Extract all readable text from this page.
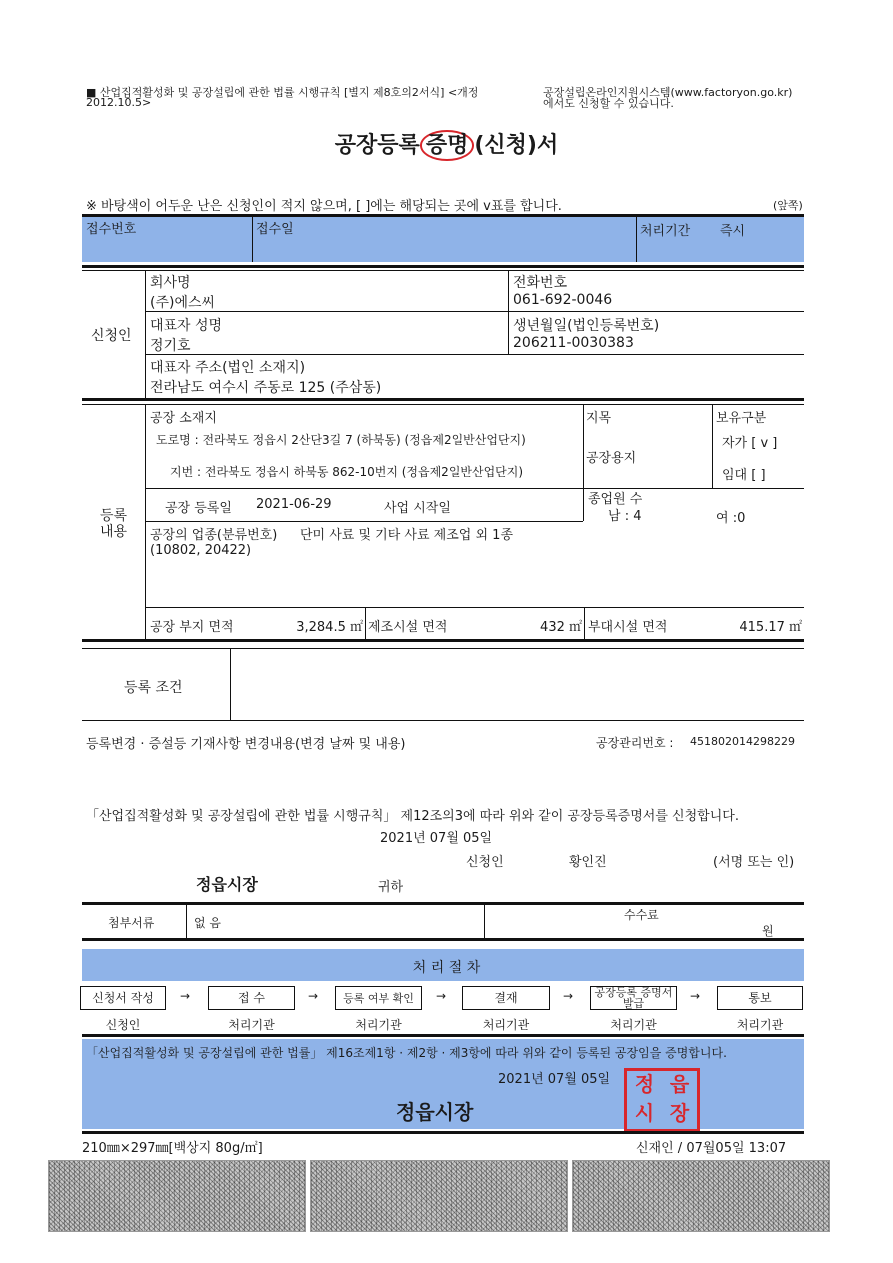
■ 산업집적활성화 및 공장설립에 관한 법률 시행규칙 [별지 제8호의2서식] <개정
2012.10.5>
공장설립온라인지원시스템(www.factoryon.go.kr)
에서도 신청할 수 있습니다.
공장등록 증명 (신청)서
※ 바탕색이 어두운 난은 신청인이 적지 않으며, [ ]에는 해당되는 곳에 v표를 합니다.	(앞쪽)
접수번호	접수일	처리기간 즉시
신청인
회사명
(주)에스씨
전화번호
061-692-0046
대표자 성명
정기호
생년월일(법인등록번호)
206211-0030383
대표자 주소(법인 소재지)
전라남도 여수시 주동로 125 (주삼동)
등록
내용
공장 소재지
도로명 : 전라북도 정읍시 2산단3길 7 (하북동) (정읍제2일반산업단지)
지번 : 전라북도 정읍시 하북동 862-10번지 (정읍제2일반산업단지)
지목
공장용지
보유구분
자가 [ v ]
임대 [ ]
공장 등록일 2021-06-29	사업 시작일
종업원 수
남 : 4	여 :0
공장의 업종(분류번호) 단미 사료 및 기타 사료 제조업 외 1종
(10802, 20422)
공장 부지 면적	3,284.5 ㎡ 제조시설 면적	432 ㎡ 부대시설 면적	415.17 ㎡
등록 조건
등록변경 · 증설등 기재사항 변경내용(변경 날짜 및 내용)	공장관리번호 : 451802014298229
「산업집적활성화 및 공장설립에 관한 법률 시행규칙」 제12조의3에 따라 위와 같이 공장등록증명서를 신청합니다.
2021년 07월 05일
신청인	황인진	(서명 또는 인)
정읍시장	귀하
첨부서류	없 음
수수료
원
처 리 절 차
신청서 작성	→	접 수	→	등록 여부 확인	→	결재	→	공장등록 증명서발급
→	통보
신청인	처리기관	처리기관	처리기관	처리기관	처리기관
「산업집적활성화 및 공장설립에 관한 법률」 제16조제1항 · 제2항 · 제3항에 따라 위와 같이 등록된 공장임을 증명합니다.
2021년 07월 05일
정읍시장
정 읍
시 장
210㎜×297㎜[백상지 80g/㎡]	신재인 / 07월05일 13:07
